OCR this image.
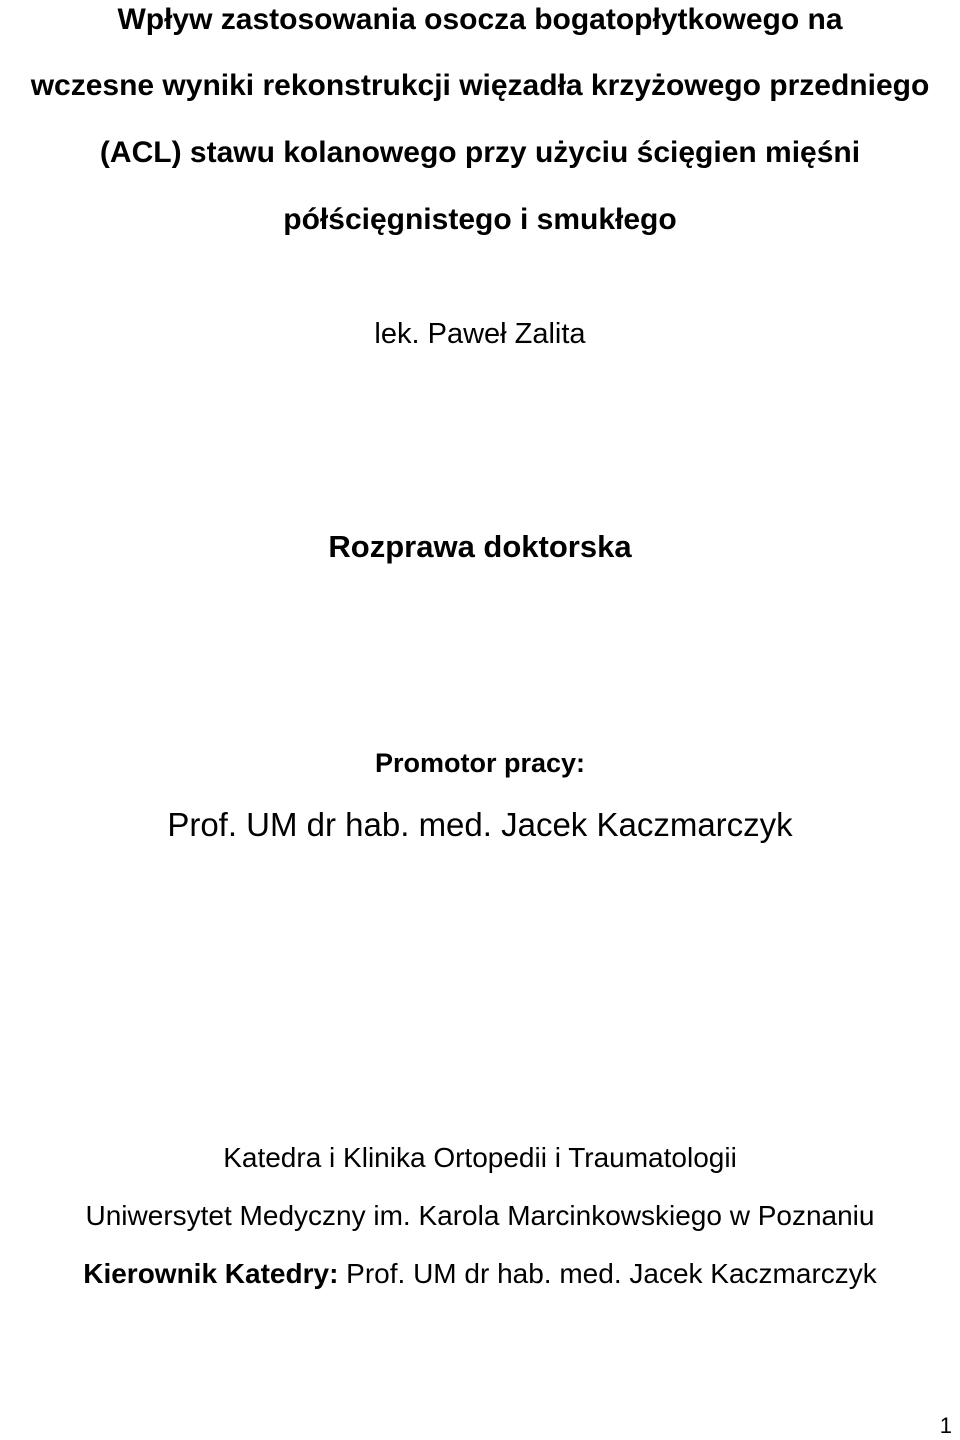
Wpływ zastosowania osocza bogatopłytkowego na
wczesne wyniki rekonstrukcji więzadła krzyżowego przedniego
(ACL) stawu kolanowego przy użyciu ścięgien mięśni
półścięgnistego i smukłego
lek. Paweł Zalita
Rozprawa doktorska
Promotor pracy:
Prof. UM dr hab. med. Jacek Kaczmarczyk
Katedra i Klinika Ortopedii i Traumatologii
Uniwersytet Medyczny im. Karola Marcinkowskiego w Poznaniu
Kierownik Katedry: Prof. UM dr hab. med. Jacek Kaczmarczyk
1
